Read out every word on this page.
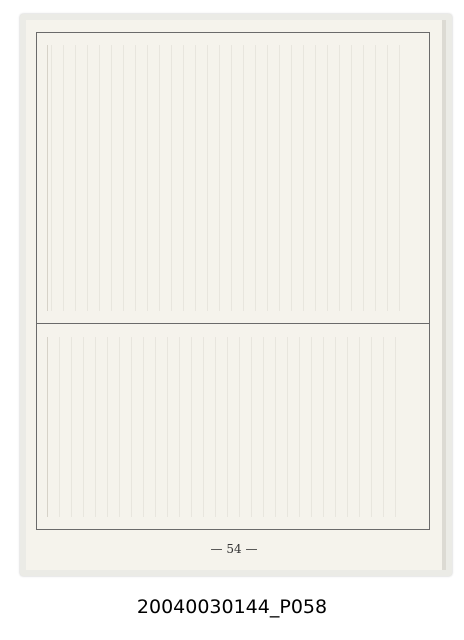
— 54 —
20040030144_P058
